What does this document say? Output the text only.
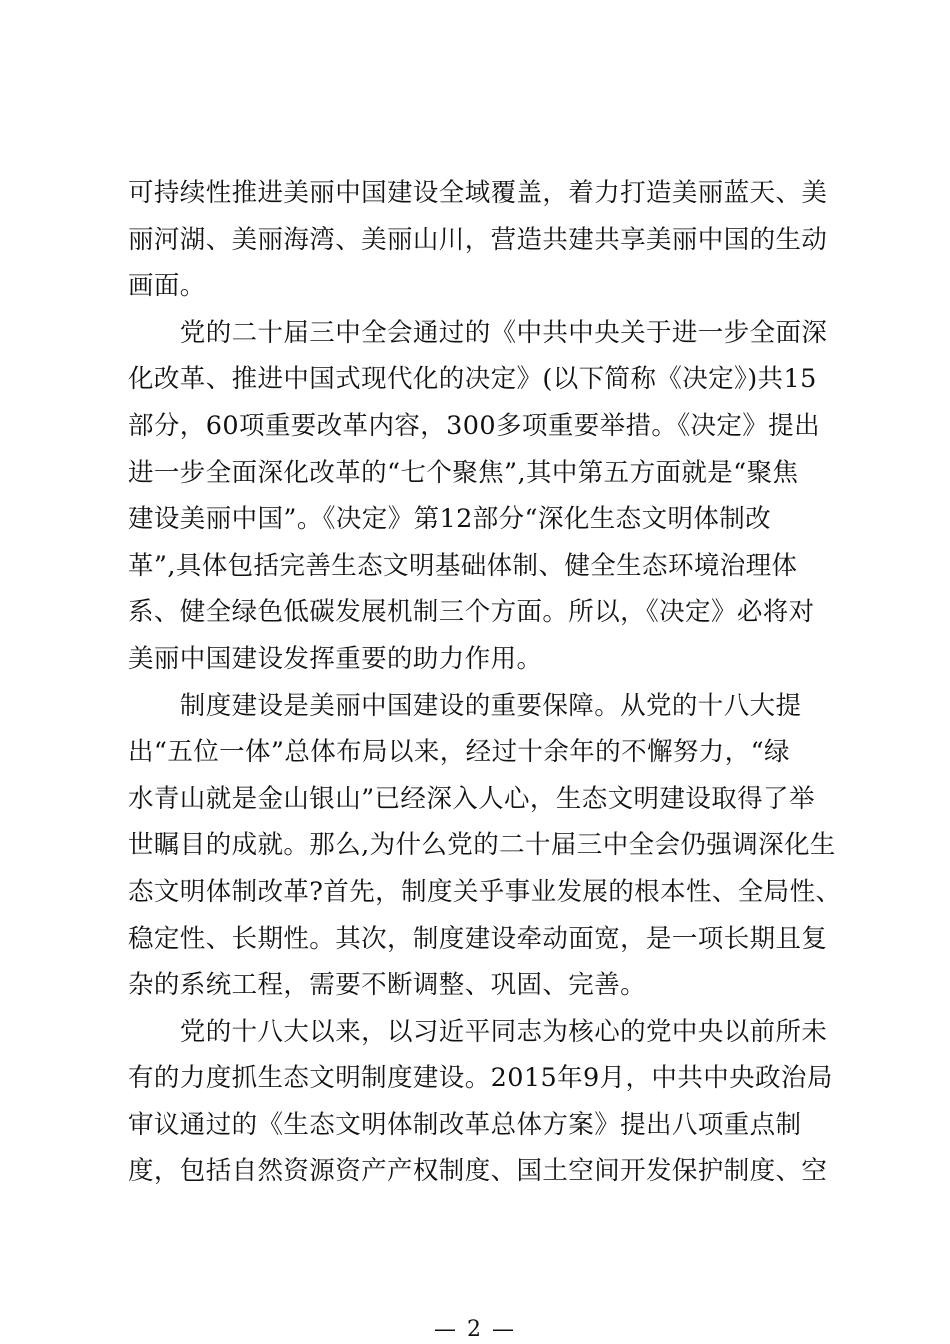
可持续性推进美丽中国建设全域覆盖，着力打造美丽蓝天、美
丽河湖、美丽海湾、美丽山川，营造共建共享美丽中国的生动
画面。
　　党的二十届三中全会通过的《中共中央关于进一步全面深
化改革、推进中国式现代化的决定》(以下简称《决定》)共15
部分，60项重要改革内容，300多项重要举措。《决定》提出
进一步全面深化改革的“七个聚焦”,其中第五方面就是“聚焦
建设美丽中国”。《决定》第12部分“深化生态文明体制改
革”,具体包括完善生态文明基础体制、健全生态环境治理体
系、健全绿色低碳发展机制三个方面。所以，《决定》必将对
美丽中国建设发挥重要的助力作用。
　　制度建设是美丽中国建设的重要保障。从党的十八大提
出“五位一体”总体布局以来，经过十余年的不懈努力，“绿
水青山就是金山银山”已经深入人心，生态文明建设取得了举
世瞩目的成就。那么,为什么党的二十届三中全会仍强调深化生
态文明体制改革?首先，制度关乎事业发展的根本性、全局性、
稳定性、长期性。其次，制度建设牵动面宽，是一项长期且复
杂的系统工程，需要不断调整、巩固、完善。
　　党的十八大以来，以习近平同志为核心的党中央以前所未
有的力度抓生态文明制度建设。2015年9月，中共中央政治局
审议通过的《生态文明体制改革总体方案》提出八项重点制
度，包括自然资源资产产权制度、国土空间开发保护制度、空
— 2 —
